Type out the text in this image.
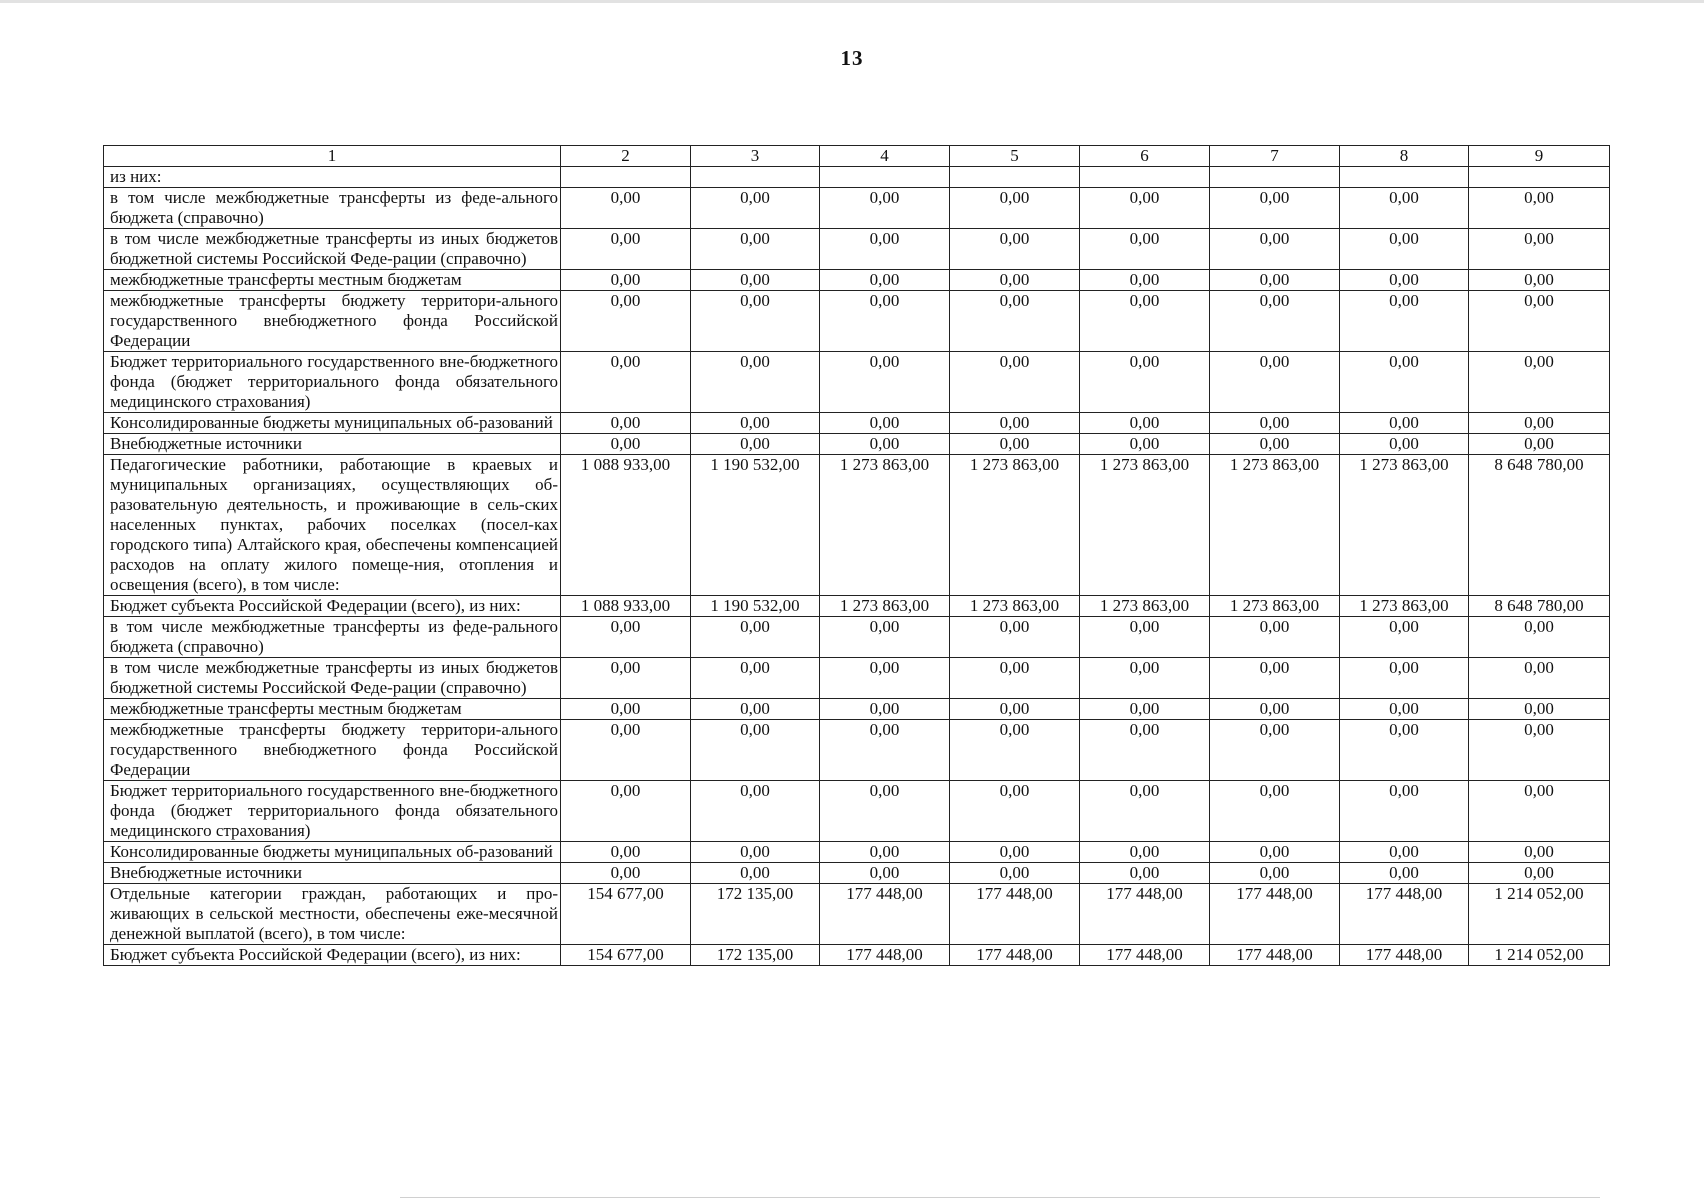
13
1	2	3	4	5	6	7	8	9
из них:								
в том числе межбюджетные трансферты из феде-ального бюджета (справочно)	0,00	0,00	0,00	0,00	0,00	0,00	0,00	0,00
в том числе межбюджетные трансферты из иных бюджетов бюджетной системы Российской Феде-рации (справочно)	0,00	0,00	0,00	0,00	0,00	0,00	0,00	0,00
межбюджетные трансферты местным бюджетам	0,00	0,00	0,00	0,00	0,00	0,00	0,00	0,00
межбюджетные трансферты бюджету территори-ального государственного внебюджетного фонда Российской Федерации	0,00	0,00	0,00	0,00	0,00	0,00	0,00	0,00
Бюджет территориального государственного вне-бюджетного фонда (бюджет территориального фонда обязательного медицинского страхования)	0,00	0,00	0,00	0,00	0,00	0,00	0,00	0,00
Консолидированные бюджеты муниципальных об-разований	0,00	0,00	0,00	0,00	0,00	0,00	0,00	0,00
Внебюджетные источники	0,00	0,00	0,00	0,00	0,00	0,00	0,00	0,00
Педагогические работники, работающие в краевых и муниципальных организациях, осуществляющих об-разовательную деятельность, и проживающие в сель-ских населенных пунктах, рабочих поселках (посел-ках городского типа) Алтайского края, обеспечены компенсацией расходов на оплату жилого помеще-ния, отопления и освещения (всего), в том числе:	1 088 933,00	1 190 532,00	1 273 863,00	1 273 863,00	1 273 863,00	1 273 863,00	1 273 863,00	8 648 780,00
Бюджет субъекта Российской Федерации (всего), из них:	1 088 933,00	1 190 532,00	1 273 863,00	1 273 863,00	1 273 863,00	1 273 863,00	1 273 863,00	8 648 780,00
в том числе межбюджетные трансферты из феде-рального бюджета (справочно)	0,00	0,00	0,00	0,00	0,00	0,00	0,00	0,00
в том числе межбюджетные трансферты из иных бюджетов бюджетной системы Российской Феде-рации (справочно)	0,00	0,00	0,00	0,00	0,00	0,00	0,00	0,00
межбюджетные трансферты местным бюджетам	0,00	0,00	0,00	0,00	0,00	0,00	0,00	0,00
межбюджетные трансферты бюджету территори-ального государственного внебюджетного фонда Российской Федерации	0,00	0,00	0,00	0,00	0,00	0,00	0,00	0,00
Бюджет территориального государственного вне-бюджетного фонда (бюджет территориального фонда обязательного медицинского страхования)	0,00	0,00	0,00	0,00	0,00	0,00	0,00	0,00
Консолидированные бюджеты муниципальных об-разований	0,00	0,00	0,00	0,00	0,00	0,00	0,00	0,00
Внебюджетные источники	0,00	0,00	0,00	0,00	0,00	0,00	0,00	0,00
Отдельные категории граждан, работающих и про-живающих в сельской местности, обеспечены еже-месячной денежной выплатой (всего), в том числе:	154 677,00	172 135,00	177 448,00	177 448,00	177 448,00	177 448,00	177 448,00	1 214 052,00
Бюджет субъекта Российской Федерации (всего), из них:	154 677,00	172 135,00	177 448,00	177 448,00	177 448,00	177 448,00	177 448,00	1 214 052,00
